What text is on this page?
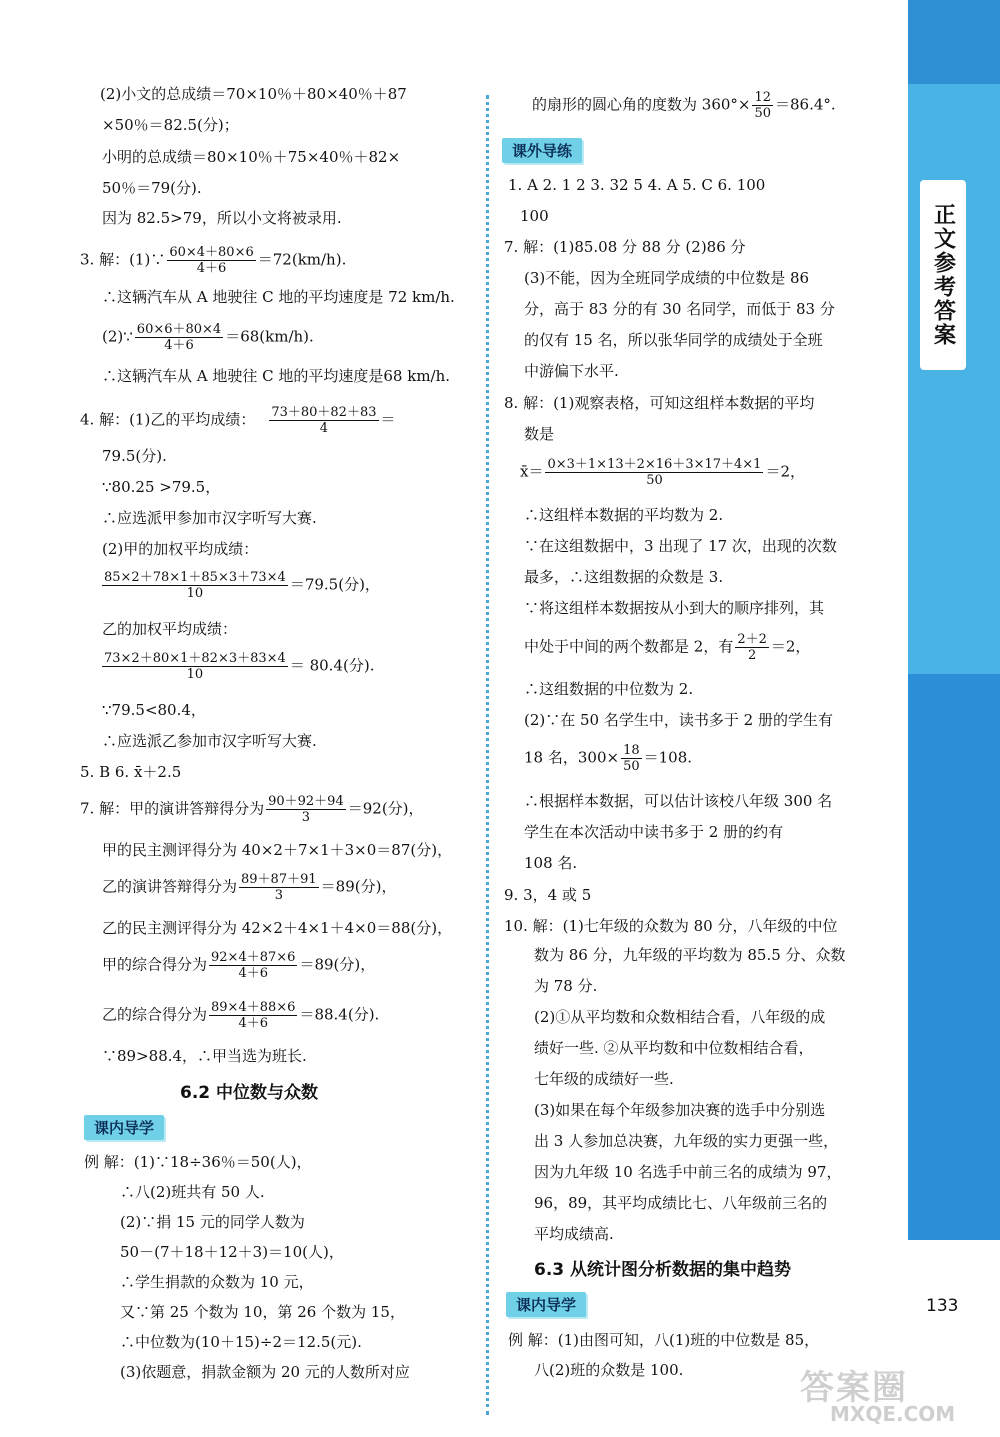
正文参考答案
(2)小文的总成绩＝70×10％＋80×40％＋87
×50％＝82.5(分)；
小明的总成绩＝80×10％＋75×40％＋82×
50％＝79(分).
因为 82.5>79，所以小文将被录用.
3. 解：(1)∵ $\frac{60\times 4+80\times 6}{4+6} =72(km/h)$.
∴这辆汽车从 A 地驶往 C 地的平均速度是 72 km/h.
(2)∵ $\frac{60\times 6+80\times 4}{4+6} =68(km/h)$.
∴这辆汽车从 A 地驶往 C 地的平均速度是68 km/h.
4. 解：(1)乙的平均成绩： $\frac{73+80+82+83}{4}$ ＝
79.5(分).
∵80.25 >79.5，
∴应选派甲参加市汉字听写大赛.
(2)甲的加权平均成绩：
$\frac{85\times 2+78\times 1+85\times 3+73\times 4}{10} =79.5$(分)，
乙的加权平均成绩：
$\frac{73\times 2+80\times 1+82\times 3+83\times 4}{10} = 80.4$(分).
∵79.5<80.4，
∴应选派乙参加市汉字听写大赛.
5. B 6. x̄＋2.5
7. 解：甲的演讲答辩得分为 $\frac{90+92+94}{3} =92$(分)，
甲的民主测评得分为 40×2＋7×1＋3×0＝87(分)，
乙的演讲答辩得分为 $\frac{89+87+91}{3} =89$(分)，
乙的民主测评得分为 42×2＋4×1＋4×0＝88(分)，
甲的综合得分为 $\frac{92\times 4+87\times 6}{4+6} =89$(分)，
乙的综合得分为 $\frac{89\times 4+88\times 6}{4+6} =88.4$(分).
∵89>88.4，∴甲当选为班长.
6.2 中位数与众数
课内导学
例 解：(1)∵18÷36％＝50(人)，
∴八(2)班共有 50 人.
(2)∵捐 15 元的同学人数为
50－(7＋18＋12＋3)＝10(人)，
∴学生捐款的众数为 10 元，
又∵第 25 个数为 10，第 26 个数为 15，
∴中位数为(10＋15)÷2＝12.5(元).
(3)依题意，捐款金额为 20 元的人数所对应
的扇形的圆心角的度数为 $360^\circ\times \frac{12}{50} =86.4^\circ$.
课外导练
1. A 2. 1 2 3. 32 5 4. A 5. C 6. 100
100
7. 解：(1)85.08 分 88 分 (2)86 分
(3)不能，因为全班同学成绩的中位数是 86
分，高于 83 分的有 30 名同学，而低于 83 分
的仅有 15 名，所以张华同学的成绩处于全班
中游偏下水平.
8. 解：(1)观察表格，可知这组样本数据的平均
数是
x̄＝ $\frac{0\times 3+1\times 13+2\times 16+3\times 17+4\times 1}{50} =2$，
∴这组样本数据的平均数为 2.
∵在这组数据中，3 出现了 17 次，出现的次数
最多，∴这组数据的众数是 3.
∵将这组样本数据按从小到大的顺序排列，其
中处于中间的两个数都是 2，有 $\frac{2+2}{2} =2$，
∴这组数据的中位数为 2.
(2)∵在 50 名学生中，读书多于 2 册的学生有
18 名，$300\times \frac{18}{50} =108$.
∴根据样本数据，可以估计该校八年级 300 名
学生在本次活动中读书多于 2 册的约有
108 名.
9. 3，4 或 5
10. 解：(1)七年级的众数为 80 分，八年级的中位
数为 86 分，九年级的平均数为 85.5 分、众数
为 78 分.
(2)①从平均数和众数相结合看，八年级的成
绩好一些. ②从平均数和中位数相结合看，
七年级的成绩好一些.
(3)如果在每个年级参加决赛的选手中分别选
出 3 人参加总决赛，九年级的实力更强一些，
因为九年级 10 名选手中前三名的成绩为 97，
96，89，其平均成绩比七、八年级前三名的
平均成绩高.
6.3 从统计图分析数据的集中趋势
课内导学
例 解：(1)由图可知，八(1)班的中位数是 85，
八(2)班的众数是 100.
133
答案圈
MXQE.COM
